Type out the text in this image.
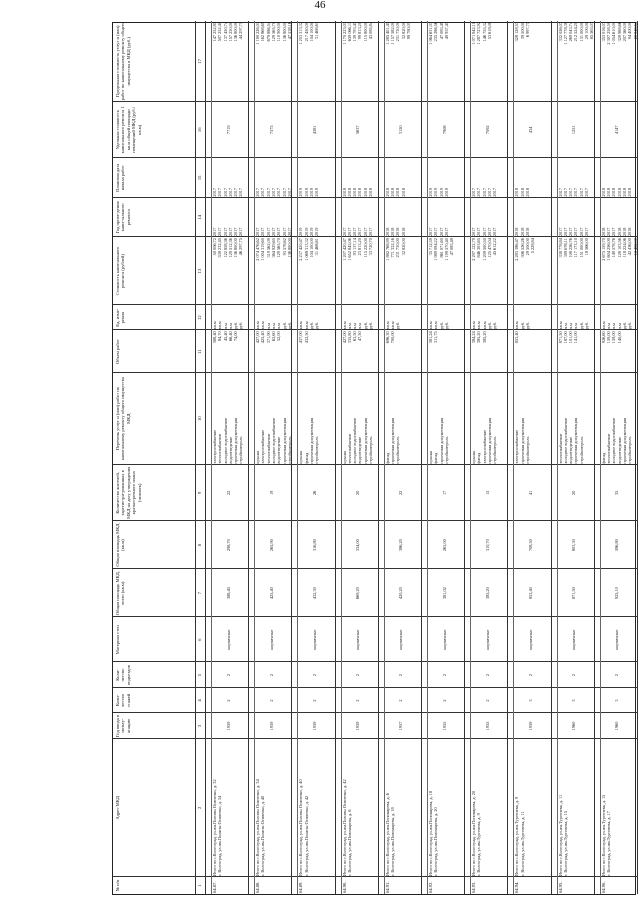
46
№ п/п
Адрес МКД
Год ввода в эксплу-атацию
Коли-чество этажей
Коли-чество подъездов
Материал стен
Общая площадь МКД, всего (кв.м)
Общая площадь МКД (кв.м)
Количество жителей, зарегистри-рованных в МКД на дату утверждения краткосрочного плана (человек)
Перечень услуг и (или) работ по капитальному ремонту общего имущества МКД
Объем работ
Ед. изме-рения
Стоимость капитального ремонта (рублей)
Год прове-дения капи-тального ремонта
Плановая дата начала работ
Удельная стоимость капитального ремонта 1 кв.м общей площади помещений МКД (руб./кв.м)
Предельная стоимость услуг и (или) работ по капитальному ремонту общего имущества в МКД (руб.)
1
2
3
4
5
6
7
8
9
10
11
12
13
14
15
16
17
64.87.
Итого по г.Волгоград, ул.им.Полины Осипенко, д. 32
г. Волгоград, ул.им.Полины Осипенко, д. 34
1959
2
2
кирпичные
388,40
298,70
22
электроснабжение
теплоснабжение
холодное водоснабжение
водоотведение
проектная документация
стройконтроль
388,40
84,70
45,40
66,40
74,00
кв.м
кв.м
п.м
п.м
руб.
руб.
50 006,72
538 232,45
122 858,36
129 512,36
136 800,00
46 297,75
2017
2017
2017
2017
2017
2017
2017
2017
2017
2017
2017
2017
7719
147 252,85
507 252,40
137 450,74
157 250,00
136 800,00
44 297,75
64.88.
Итого по г.Волгоград, ул.им.Полины Осипенко, д. 34
г. Волгоград, ул.им.Полины Осипенко, д. 40
1959
2
2
кирпичные
425,40
265,90
19
крыша
электроснабжение
теплоснабжение
холодное водоснабжение
водоотведение
проектная документация
стройконтроль
427,00
425,40
371,90
62,60
52,00
кв.м
кв.м
п.м
п.м
п.м
руб.
руб.
2 074 476,62
1 004 319,60
319 562,09
364 929,65
129 565,70
93 578,62
136 800,00
2017
2017
2017
2017
2017
2017
2017
2017
2017
2017
2017
2017
2017
2017
7575
1 190 226,01
162 868,69
679 886,54
129 565,70
110 900,00
136 800,00
47 538,16
64.89.
Итого по г.Волгоград, ул.им.Полины Осипенко, д. 40
г. Волгоград, ул.им.Полины Осипенко, д. 42
1959
2
2
кирпичные
432,30
316,80
26
крыша
фасад
проектная документация
стройконтроль
437,00
432,50
кв.м
кв.м
руб.
руб.
2 237 420,47
1 068 313,32
104 100,00
31 468,61
2019
2019
2019
2019
2019
2019
2019
2019
4381
1 253 313,32
217 450,00
104 100,00
31 468,61
64.90.
Итого по г.Волгоград, ул.им.Полины Осипенко, д. 42
г. Волгоград, ул.им.Пономарева, д. 6
1959
2
2
кирпичные
669,20
334,00
20
крыша
теплоснабжение
холодное водоснабжение
водоотведение
проектная документация
стройконтроль
427,00
335,80
63,50
47,50
кв.м
п.м
п.м
п.м
руб.
руб.
1 207 420,47
1 652 845,06
93 137,14
23 813,20
115 220,00
33 720,70
2017
2017
2017
2017
2017
2017
2018
2018
2018
2018
2018
2018
5637
1 170 225,01
659 066,11
139 793,45
99 813,20
115 800,00
43 085,84
64.91.
Итого по г.Волгоград, ул.им.Пономарева, д. 6
г. Волгоград, ул.им.Пономарева, д. 18
1957
2
2
кирпичные
420,20
386,20
22
фасад
проектная документация
стройконтроль
696,30
700,00
кв.м
кв.м
руб.
1 882 768,99
771 332,16
231 730,00
32 820,00
2018
2018
2018
2018
2018
2018
2018
2018
3150
1 285 401,45
1 157 582,00
231 730,00
32 820,00
99 780,05
64.92.
Итого по г.Волгоград, ул.им.Пономарева, д. 18
г. Волгоград, ул.им.Пономарева, д. 20
1955
2
2
кирпичные
381,02
263,00
17
крыша
фасад
проектная документация
стройконтроль
381,24
311,75
кв.м
кв.м
руб.
руб.
35 712,59
1 989 094,22
861 071,60
1 199 570,40
47 083,49
2017
2017
2017
2017
2019
2019
2019
2019
7908
1 064 631,01
235 286,56
47 083,49
49 957,45
64.93.
Итого по г.Волгоград, ул.им.Пономарева, д. 20
г. Волгоград, ул.им.Тургенева, д. 9
1955
2
2
кирпичные
385,20
310,70
15
крыша
фасад
электроснабжение
проектная документация
стройконтроль
384,24
385,20
385,20
кв.м
кв.м
кв.м
руб.
руб.
2 297 122,79
846 303,65
1 209 500,50
125 470,04
45 612,22
2017
2017
2017
2017
2017
2017
2017
2017
2017
2017
7092
1 071 942,10
1 287 723,92
146 755,32
53 618,08
64.94.
Итого по г.Волгоград, ул.им.Тургенева, д. 9
г. Волгоград, ул.им.Тургенева, д. 11
1959
3
2
кирпичные
853,40
708,50
41
электроснабжение
проектная документация
стройконтроль
853,40
кв.м
руб.
руб.
2 283 386,47
306 526,26
29 500,00
5 228,84
2018
2018
2018
2018
2018
2018
434
328 128,53
39 500,00
6 997,75
64.95.
Итого по г.Волгоград, ул.им.Тургенева, д. 11
г. Волгоград, ул.им.Тургенева, д. 15
1960
3
2
кирпичные
871,50
803,30
20
теплоснабжение
холодное водоснабжение
водоотведение
проектная документация
стройконтроль
871,50
187,00
101,00
141,00
кв.м
п.м
п.м
п.м
руб.
руб.
338 778,84
309 676,11
108 256,76
117 173,10
151 000,00
18 566,00
2017
2017
2017
2017
2017
2017
2017
2017
2017
2017
2017
2017
1251
332 026,07
1 127 778,38
269 043,74
212 524,20
131 000,00
29 100,00
85 563,03
64.96.
Итого по г.Волгоград, ул.им.Тургенева, д. 15
г. Волгоград, ул.им.Тургенева, д. 17
1960
3
2
кирпичные
925,10
596,80
35
фасад
теплоснабжение
холодное водоснабжение
водоотведение
проектная документация
стройконтроль
926,60
159,00
159,00
140,00
кв.м
п.м
п.м
п.м
руб.
руб.
2 675 159,70
1 604 256,00
149 578,76
128 103,56
118 224,06
42 436,00
10 482,00
2018
2017
2017
2018
2018
2018
2018
2018
2018
2018
2018
2018
4147
353 016,07
2 307 258,50
1 054 610,00
329 988,66
207 560,00
94 400,00
20 943,54
